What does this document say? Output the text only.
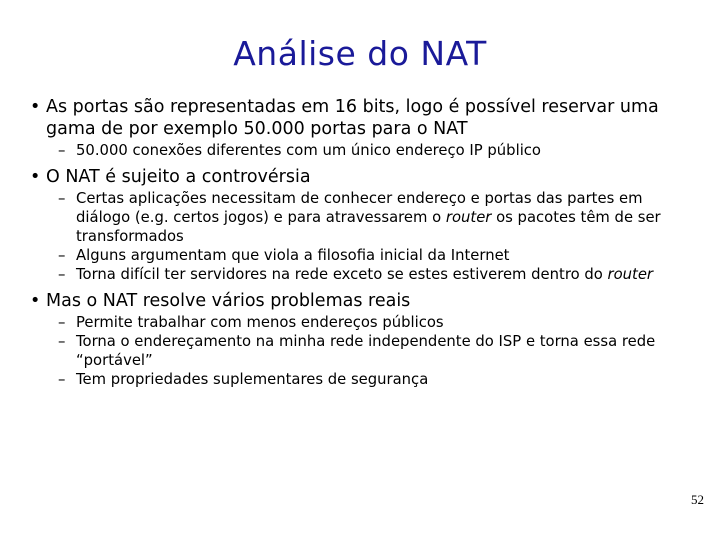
Análise do NAT

• As portas são representadas em 16 bits, logo é possível reservar uma gama de por exemplo 50.000 portas para o NAT

– 50.000 conexões diferentes com um único endereço IP público

• O NAT é sujeito a controvérsia

– Certas aplicações necessitam de conhecer endereço e portas das partes em diálogo (e.g. certos jogos) e para atravessarem o router os pacotes têm de ser transformados

– Alguns argumentam que viola a filosofia inicial da Internet

– Torna difícil ter servidores na rede exceto se estes estiverem dentro do router

• Mas o NAT resolve vários problemas reais

– Permite trabalhar com menos endereços públicos

– Torna o endereçamento na minha rede independente do ISP e torna essa rede “portável”

– Tem propriedades suplementares de segurança

52
